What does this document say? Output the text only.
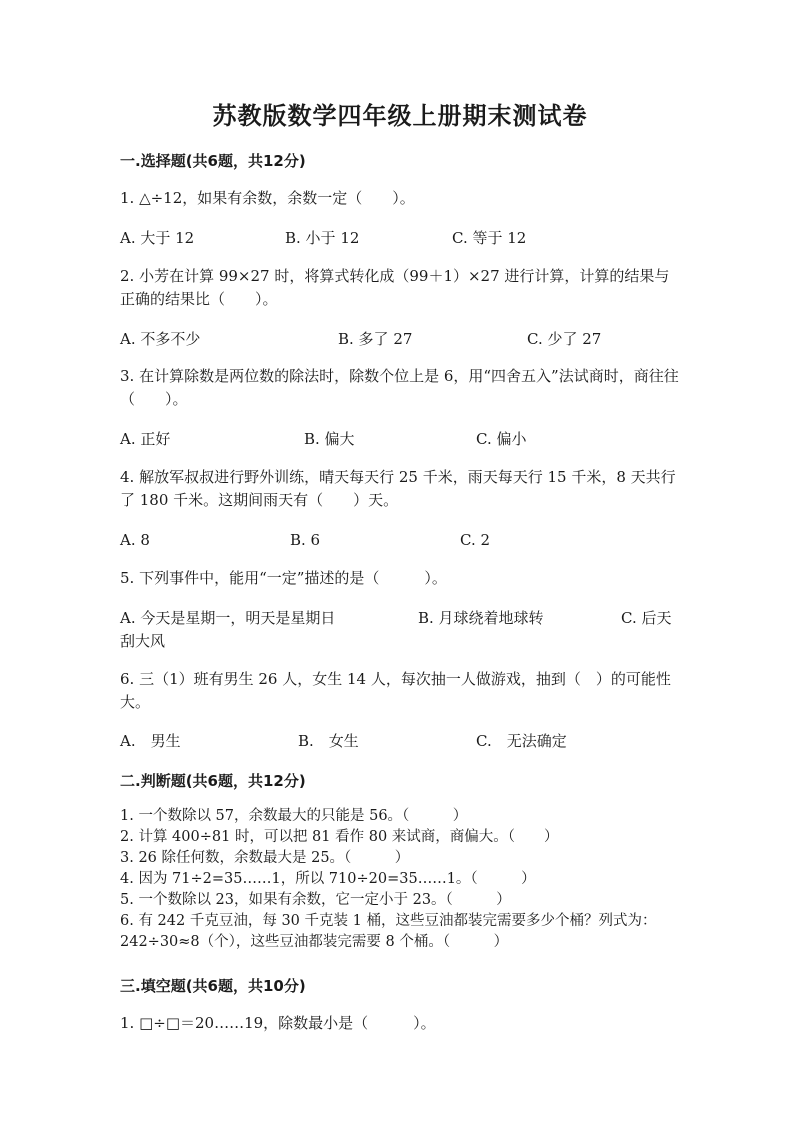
苏教版数学四年级上册期末测试卷
一.选择题(共6题，共12分)
1. △÷12，如果有余数，余数一定（　　）。
A. 大于 12	B. 小于 12	C. 等于 12
2. 小芳在计算 99×27 时，将算式转化成（99＋1）×27 进行计算，计算的结果与正确的结果比（　　）。
A. 不多不少	B. 多了 27	C. 少了 27
3. 在计算除数是两位数的除法时，除数个位上是 6，用“四舍五入”法试商时，商往往（　　）。
A. 正好	B. 偏大	C. 偏小
4. 解放军叔叔进行野外训练，晴天每天行 25 千米，雨天每天行 15 千米，8 天共行了 180 千米。这期间雨天有（　　）天。
A. 8	B. 6	C. 2
5. 下列事件中，能用“一定”描述的是（　　　）。
A. 今天是星期一，明天是星期日	B. 月球绕着地球转	C. 后天刮大风
6. 三（1）班有男生 26 人，女生 14 人，每次抽一人做游戏，抽到（　）的可能性大。
A.　男生	B.　女生	C.　无法确定
二.判断题(共6题，共12分)
1. 一个数除以 57，余数最大的只能是 56。（　　　）
2. 计算 400÷81 时，可以把 81 看作 80 来试商，商偏大。（　　）
3. 26 除任何数，余数最大是 25。（　　　）
4. 因为 71÷2=35……1，所以 710÷20=35……1。（　　　）
5. 一个数除以 23，如果有余数，它一定小于 23。（　　　）
6. 有 242 千克豆油，每 30 千克装 1 桶，这些豆油都装完需要多少个桶？列式为：242÷30≈8（个），这些豆油都装完需要 8 个桶。（　　　）
三.填空题(共6题，共10分)
1. □÷□＝20……19，除数最小是（　　　）。
